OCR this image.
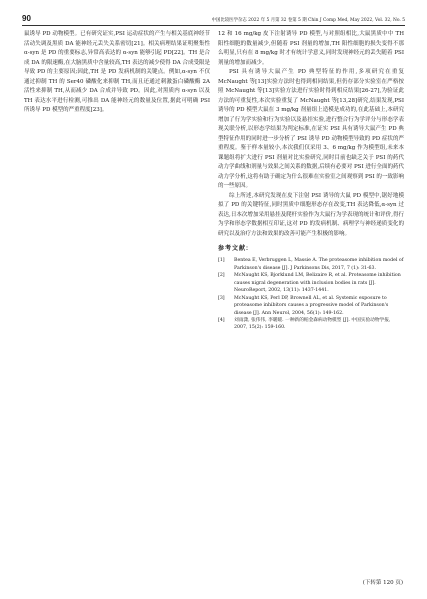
90	中国比较医学杂志 2022 年 5 月第 32 卷第 5 期 Chin J Comp Med, May 2022, Vol. 32, No. 5

鼠诱导 PD 动物模型。已有研究证实,PSI 运动症状的产生与相关基底神经节活动失调及黑质 DA 能神经元丢失关系密切[21]。相关病理结果证明聚集性α-syn 是 PD 的重要标志,异常高表达的 α-syn 能够引起 PD[22]。TH 是合成 DA 的限速酶,在大脑黑质中含量较高,TH 表达的减少使得 DA 合成受限是导致 PD 的主要原因;因此,TH 是 PD 发病机制的关键点。例如,α-syn 不仅通过抑制 TH 的 Ser40 磷酸化来抑制 TH,而且还通过刺激蛋白磷酸酶 2A 活性来抑制 TH,从而减少 DA 合成并导致 PD。因此,对黑质内 α-syn 以及 TH 表达水平进行检测,可推出 DA 能神经元的数量及位置,据此可明确 PSI 所诱导 PD 模型的严重程度[23]。

12 和 16 mg/kg 皮下注射诱导 PD 模型,与对照组相比,大鼠黑质中中 TH 阳性细胞的数量减少,但随着 PSI 剂量的增加,TH 阳性细胞的损失变得不那么明显,只有在 8 mg/kg 时才有统计学意义,同时发现神经元的丢失随着 PSI 剂量的增加而减少。

PSI 具有诱导大鼠产生 PD 典型特征的作用,多项研究在重复 McNaught 等[13]实验方法时也得到相同结果,但仍存部分实验室在严格按照 McNaught 等[13]实验方法进行实验时得到相反结果[26-27],为验证此方法的可重复性,本次实验重复了 McNaught 等[13,28]研究,结果发现,PSI 诱导的 PD 模型大鼠在 3 mg/kg 剂量组上造模是成功的,在此基础上,本研究增加了行为学实验和行为实验以及悬挂实验,进行整合行为学评分与形态学表现关联分析,以形态学结果为判定标准,在证实 PSI 具有诱导大鼠产生 PD 典型特征作用的同时进一步分析了 PSI 诱导 PD 动物模型导致的 PD 症状的严重程度。鉴于样本量较小,本次我们仅采用 3、6 mg/kg 作为模型组,未来本课题组将扩大进行 PSI 剂量对比实验研究,同时目前也缺乏关于 PSI 的药代动力学曲线和剂量与效果之间关系的数据,后续有必要对 PSI 进行全面的药代动力学分析,这将有助于确定为什么很难在实验室之间观察到 PSI 的一致影响的一些原因。

综上所述,本研究发现在皮下注射 PSI 诱导的大鼠 PD 模型中,锯好地模拟了 PD 的关键特征,同时黑质中细胞形态存在改变,TH 表达降低,α-syn 过表达,日本次增加采用悬挂及爬杆实验作为大鼠行为学表现的统计和评价,得行为学和形态学数据相互印证,这对 PD 的发病机制、病理学与神经递质变化的研究以及治疗方法和效果的改善可能产生积极的影响。

参考文献:

[1]	Bentea E, Verbruggen L, Massie A. The proteasome inhibition model of Parkinson's disease [J]. J Parkinsons Dis, 2017, 7 (1): 31-63.
[2]	McNaught KS, Bjorklund LM, Belizaire R, et al. Proteasome inhibition causes nigral degeneration with inclusion bodies in rats [J]. NeuroReport, 2002, 13(11): 1437-1441.
[3]	McNaught KS, Perl DP, Brownell AL, et al. Systemic exposure to proteasome inhibitors causes a progressive model of Parkinson's disease [J]. Ann Neurol, 2004, 56(1): 149-162.
[4]	刘雨潇, 张伟伟, 李暖暖. 一种新的帕金森病动物模型 [J]. 中国实验动物学报, 2007, 15(2): 159-160.
(下转第 120 页)
